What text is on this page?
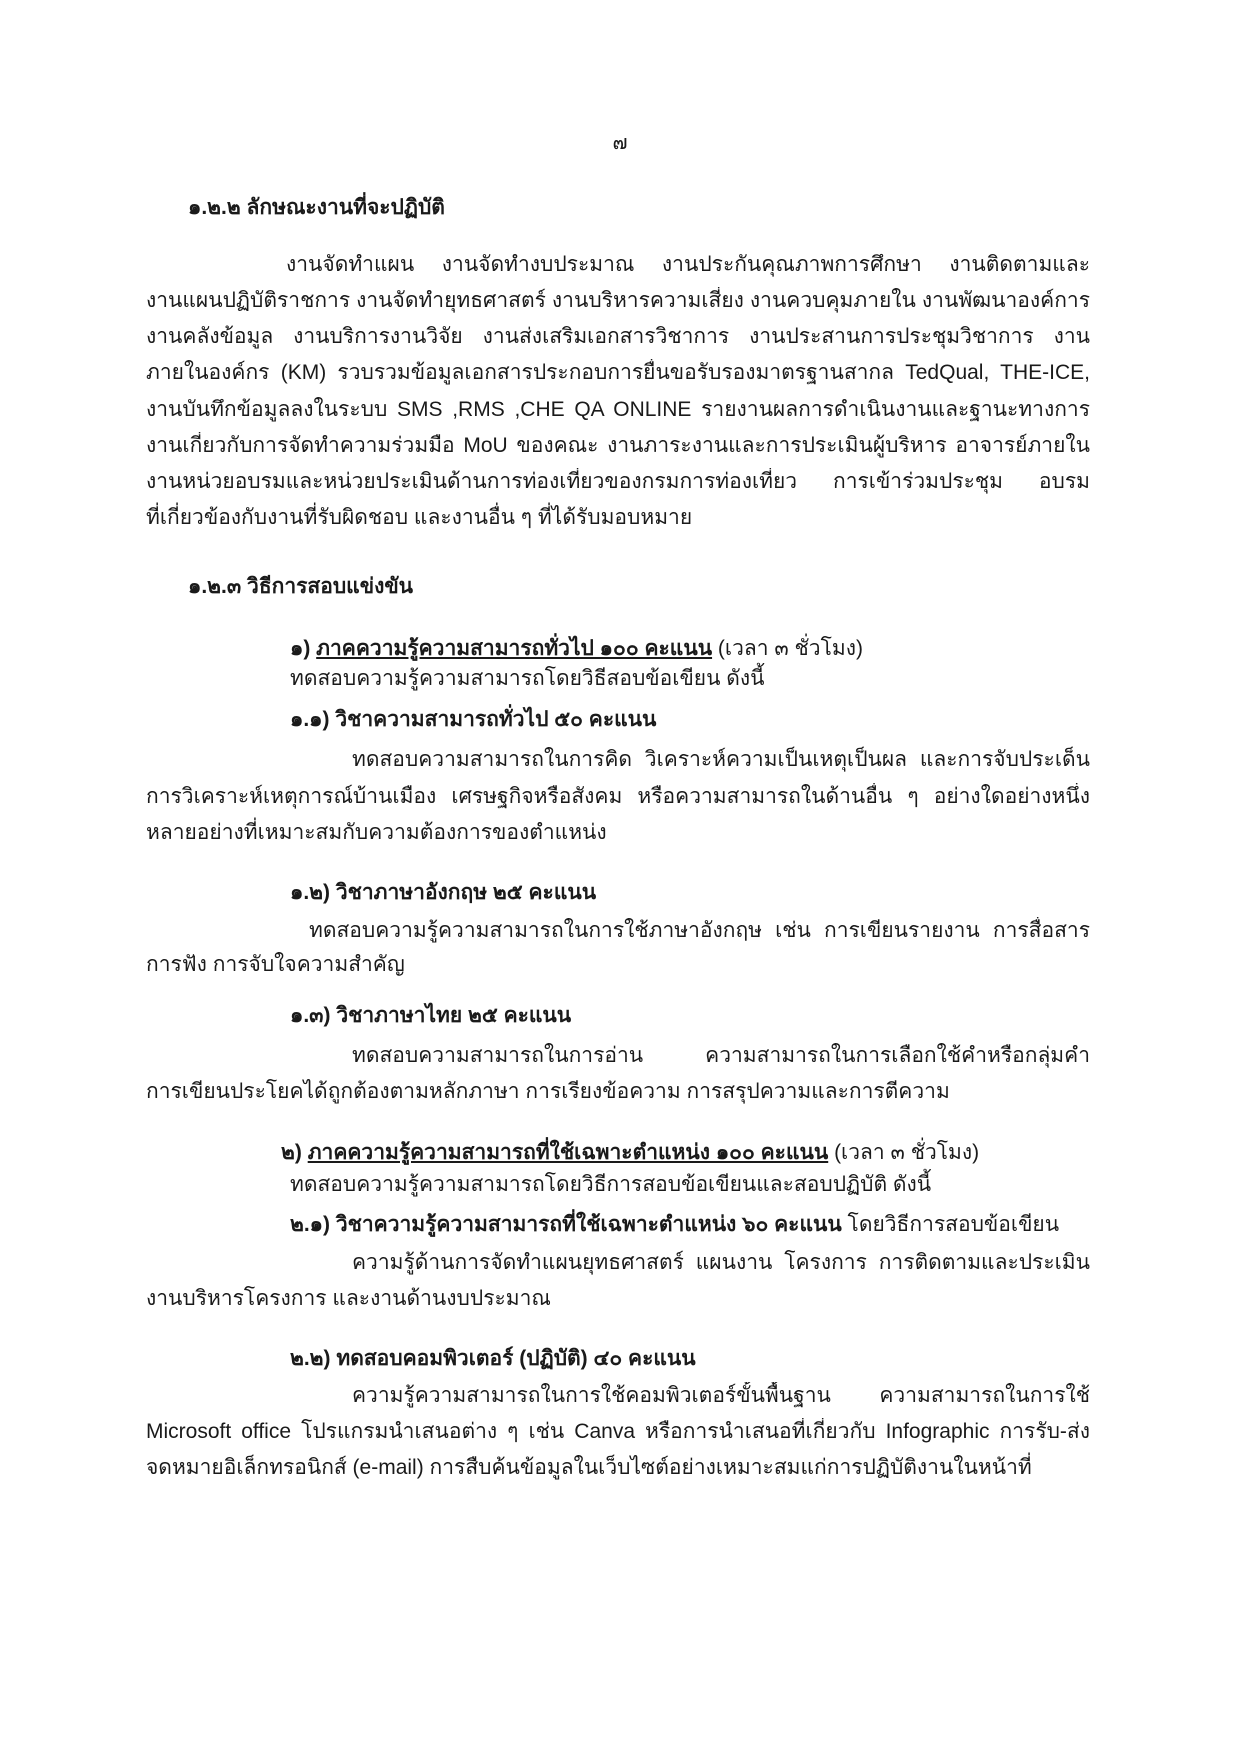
๗
๑.๒.๒ ลักษณะงานที่จะปฏิบัติ
งานจัดทำแผน งานจัดทำงบประมาณ งานประกันคุณภาพการศึกษา งานติดตามและ
งานแผนปฏิบัติราชการ งานจัดทำยุทธศาสตร์ งานบริหารความเสี่ยง งานควบคุมภายใน งานพัฒนาองค์การ
งานคลังข้อมูล งานบริการงานวิจัย งานส่งเสริมเอกสารวิชาการ งานประสานการประชุมวิชาการ งาน
ภายในองค์กร (KM) รวบรวมข้อมูลเอกสารประกอบการยื่นขอรับรองมาตรฐานสากล TedQual, THE-ICE,
งานบันทึกข้อมูลลงในระบบ SMS ,RMS ,CHE QA ONLINE รายงานผลการดำเนินงานและฐานะทางการ
งานเกี่ยวกับการจัดทำความร่วมมือ MoU ของคณะ งานภาระงานและการประเมินผู้บริหาร อาจารย์ภายใน
งานหน่วยอบรมและหน่วยประเมินด้านการท่องเที่ยวของกรมการท่องเที่ยว การเข้าร่วมประชุม อบรม
ที่เกี่ยวข้องกับงานที่รับผิดชอบ และงานอื่น ๆ ที่ได้รับมอบหมาย
๑.๒.๓ วิธีการสอบแข่งขัน
๑) ภาคความรู้ความสามารถทั่วไป ๑๐๐ คะแนน (เวลา ๓ ชั่วโมง)
ทดสอบความรู้ความสามารถโดยวิธีสอบข้อเขียน ดังนี้
๑.๑) วิชาความสามารถทั่วไป ๕๐ คะแนน
ทดสอบความสามารถในการคิด วิเคราะห์ความเป็นเหตุเป็นผล และการจับประเด็น
การวิเคราะห์เหตุการณ์บ้านเมือง เศรษฐกิจหรือสังคม หรือความสามารถในด้านอื่น ๆ อย่างใดอย่างหนึ่ง
หลายอย่างที่เหมาะสมกับความต้องการของตำแหน่ง
๑.๒) วิชาภาษาอังกฤษ ๒๕ คะแนน
ทดสอบความรู้ความสามารถในการใช้ภาษาอังกฤษ เช่น การเขียนรายงาน การสื่อสาร
การฟัง การจับใจความสำคัญ
๑.๓) วิชาภาษาไทย ๒๕ คะแนน
ทดสอบความสามารถในการอ่าน ความสามารถในการเลือกใช้คำหรือกลุ่มคำ
การเขียนประโยคได้ถูกต้องตามหลักภาษา การเรียงข้อความ การสรุปความและการตีความ
๒) ภาคความรู้ความสามารถที่ใช้เฉพาะตำแหน่ง ๑๐๐ คะแนน (เวลา ๓ ชั่วโมง)
ทดสอบความรู้ความสามารถโดยวิธีการสอบข้อเขียนและสอบปฏิบัติ ดังนี้
๒.๑) วิชาความรู้ความสามารถที่ใช้เฉพาะตำแหน่ง ๖๐ คะแนน โดยวิธีการสอบข้อเขียน
ความรู้ด้านการจัดทำแผนยุทธศาสตร์ แผนงาน โครงการ การติดตามและประเมิน
งานบริหารโครงการ และงานด้านงบประมาณ
๒.๒) ทดสอบคอมพิวเตอร์ (ปฏิบัติ) ๔๐ คะแนน
ความรู้ความสามารถในการใช้คอมพิวเตอร์ขั้นพื้นฐาน ความสามารถในการใช้
Microsoft office โปรแกรมนำเสนอต่าง ๆ เช่น Canva หรือการนำเสนอที่เกี่ยวกับ Infographic การรับ-ส่ง
จดหมายอิเล็กทรอนิกส์ (e-mail) การสืบค้นข้อมูลในเว็บไซต์อย่างเหมาะสมแก่การปฏิบัติงานในหน้าที่
